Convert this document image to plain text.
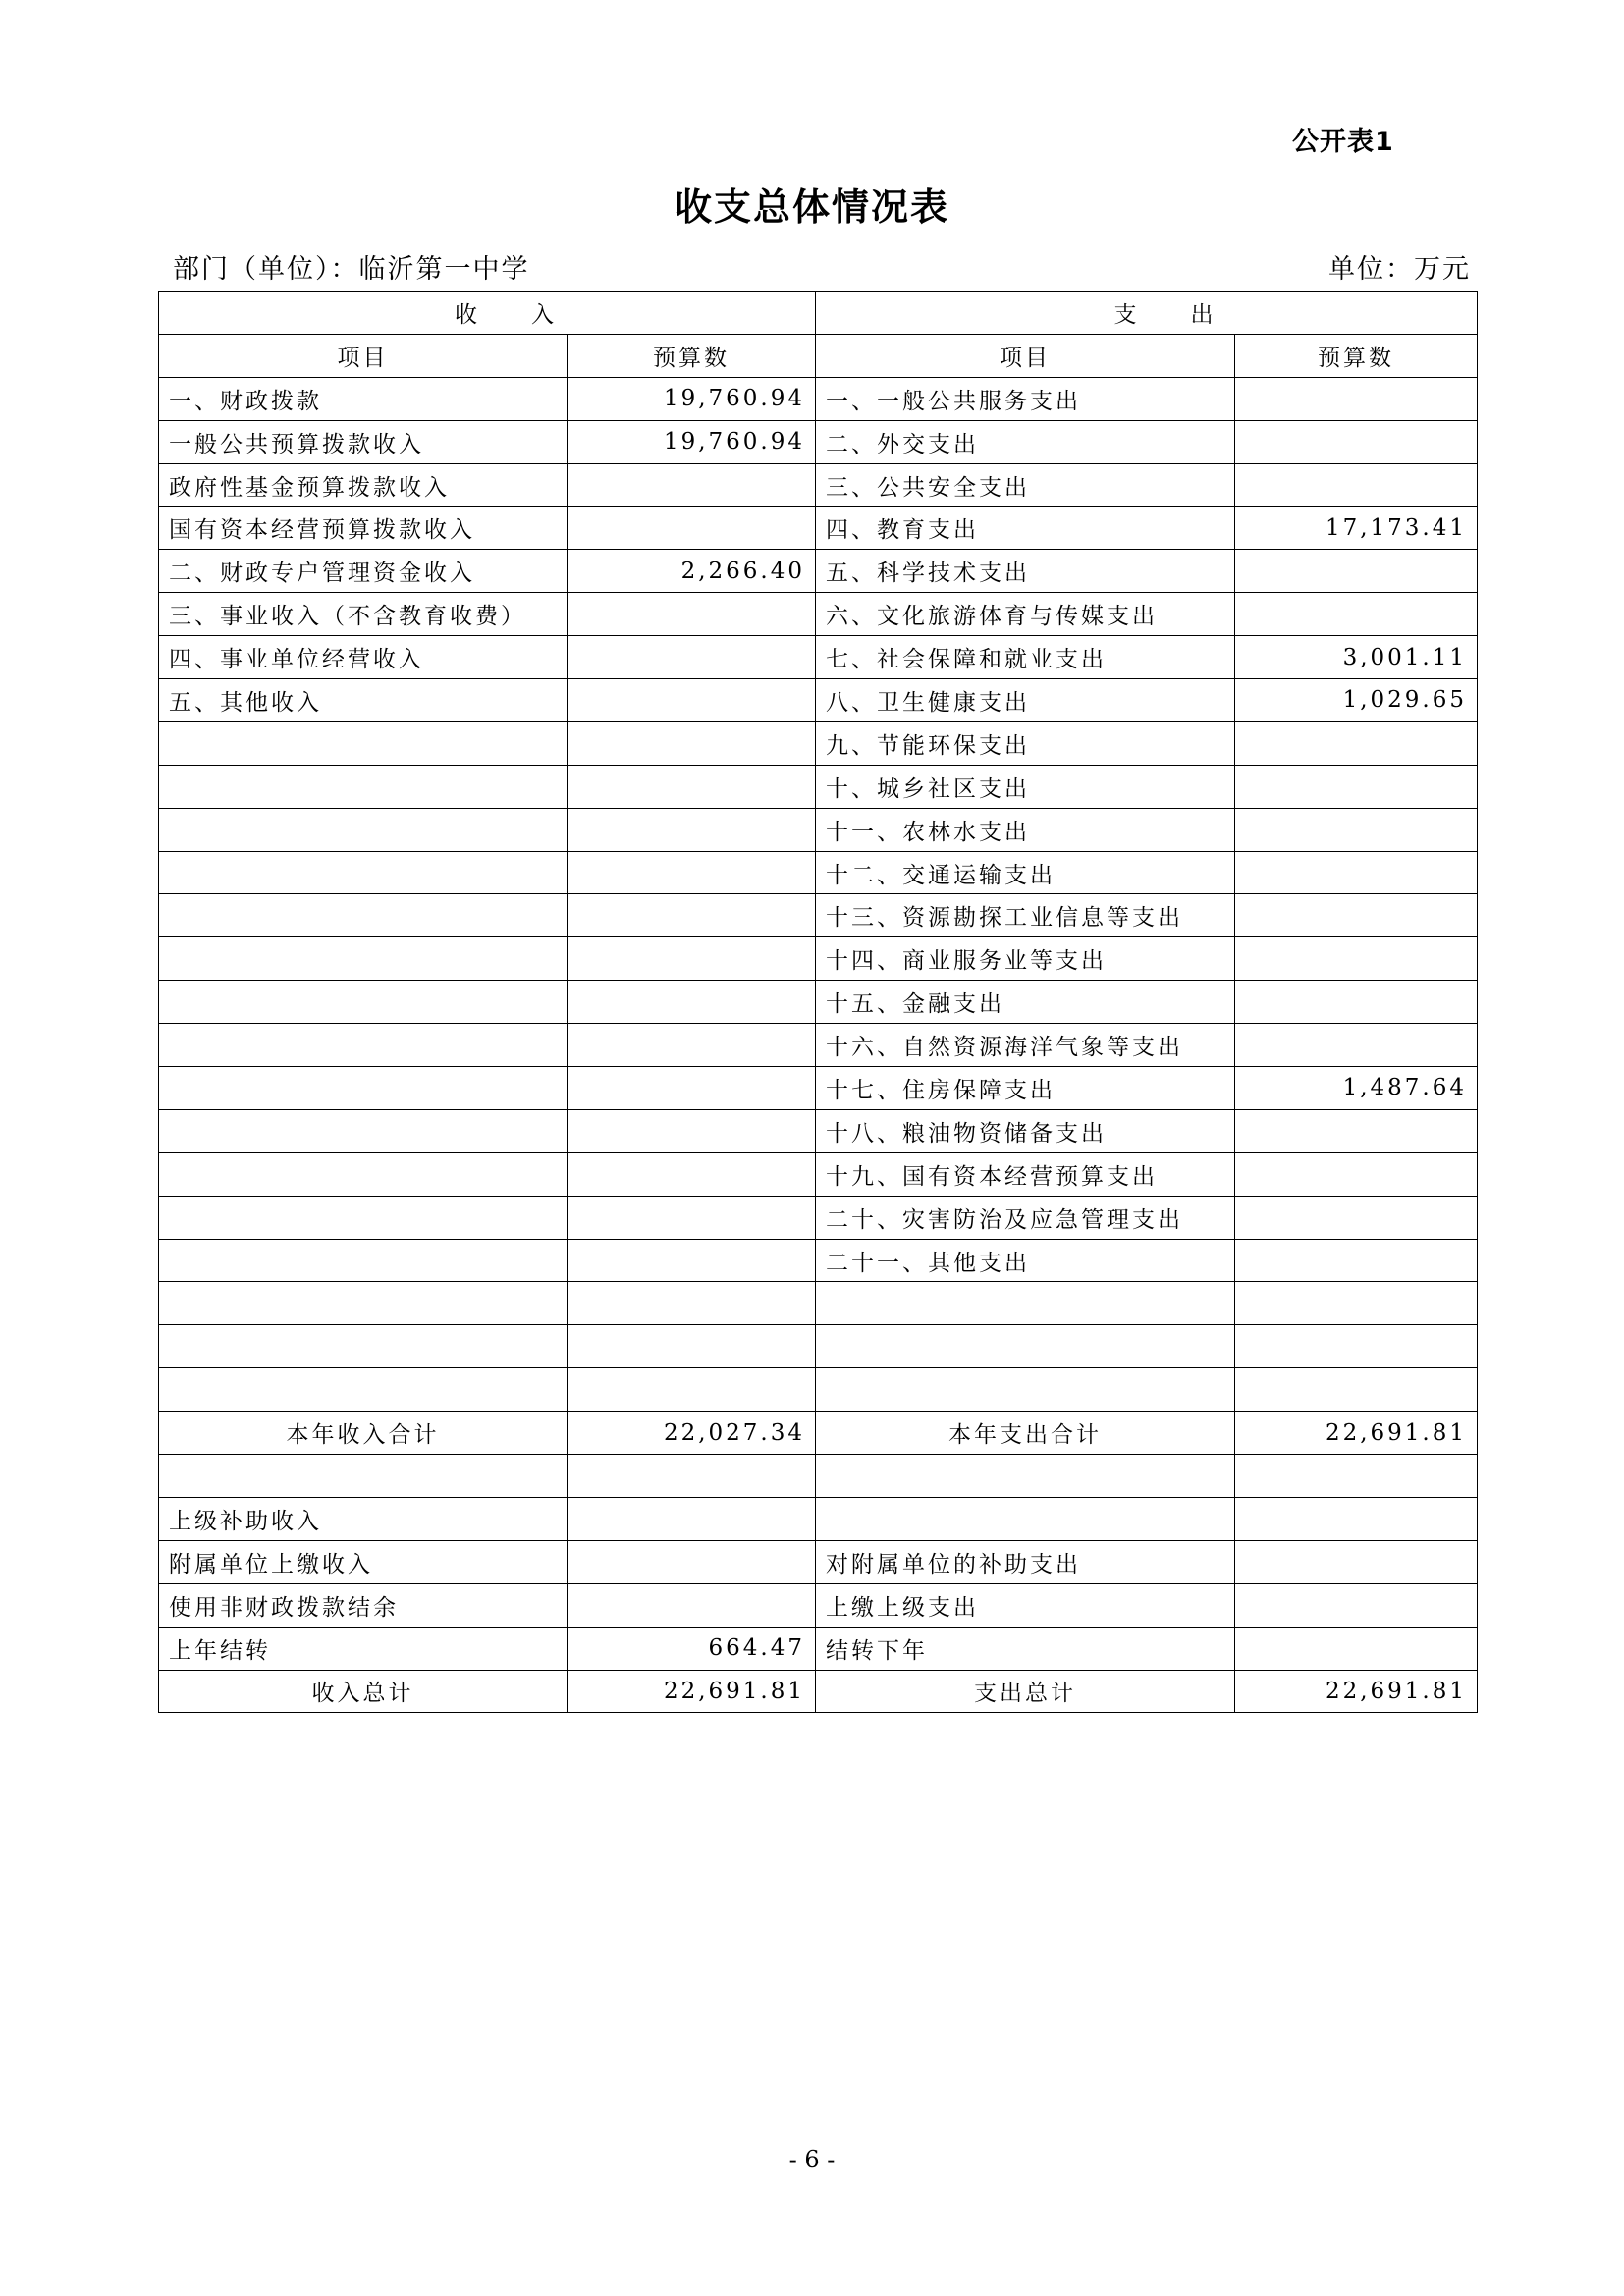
公开表1
收支总体情况表
部门（单位）：临沂第一中学	单位：万元
收　　入		支　　出	
项目	预算数	项目	预算数
一、财政拨款	19,760.94	一、一般公共服务支出	
一般公共预算拨款收入	19,760.94	二、外交支出	
政府性基金预算拨款收入		三、公共安全支出	
国有资本经营预算拨款收入		四、教育支出	17,173.41
二、财政专户管理资金收入	2,266.40	五、科学技术支出	
三、事业收入（不含教育收费）		六、文化旅游体育与传媒支出	
四、事业单位经营收入		七、社会保障和就业支出	3,001.11
五、其他收入		八、卫生健康支出	1,029.65
		九、节能环保支出	
		十、城乡社区支出	
		十一、农林水支出	
		十二、交通运输支出	
		十三、资源勘探工业信息等支出	
		十四、商业服务业等支出	
		十五、金融支出	
		十六、自然资源海洋气象等支出	
		十七、住房保障支出	1,487.64
		十八、粮油物资储备支出	
		十九、国有资本经营预算支出	
		二十、灾害防治及应急管理支出	
		二十一、其他支出	

本年收入合计	22,027.34	本年支出合计	22,691.81

上级补助收入			
附属单位上缴收入		对附属单位的补助支出	
使用非财政拨款结余		上缴上级支出	
上年结转	664.47	结转下年	
收入总计	22,691.81	支出总计	22,691.81
- 6 -
